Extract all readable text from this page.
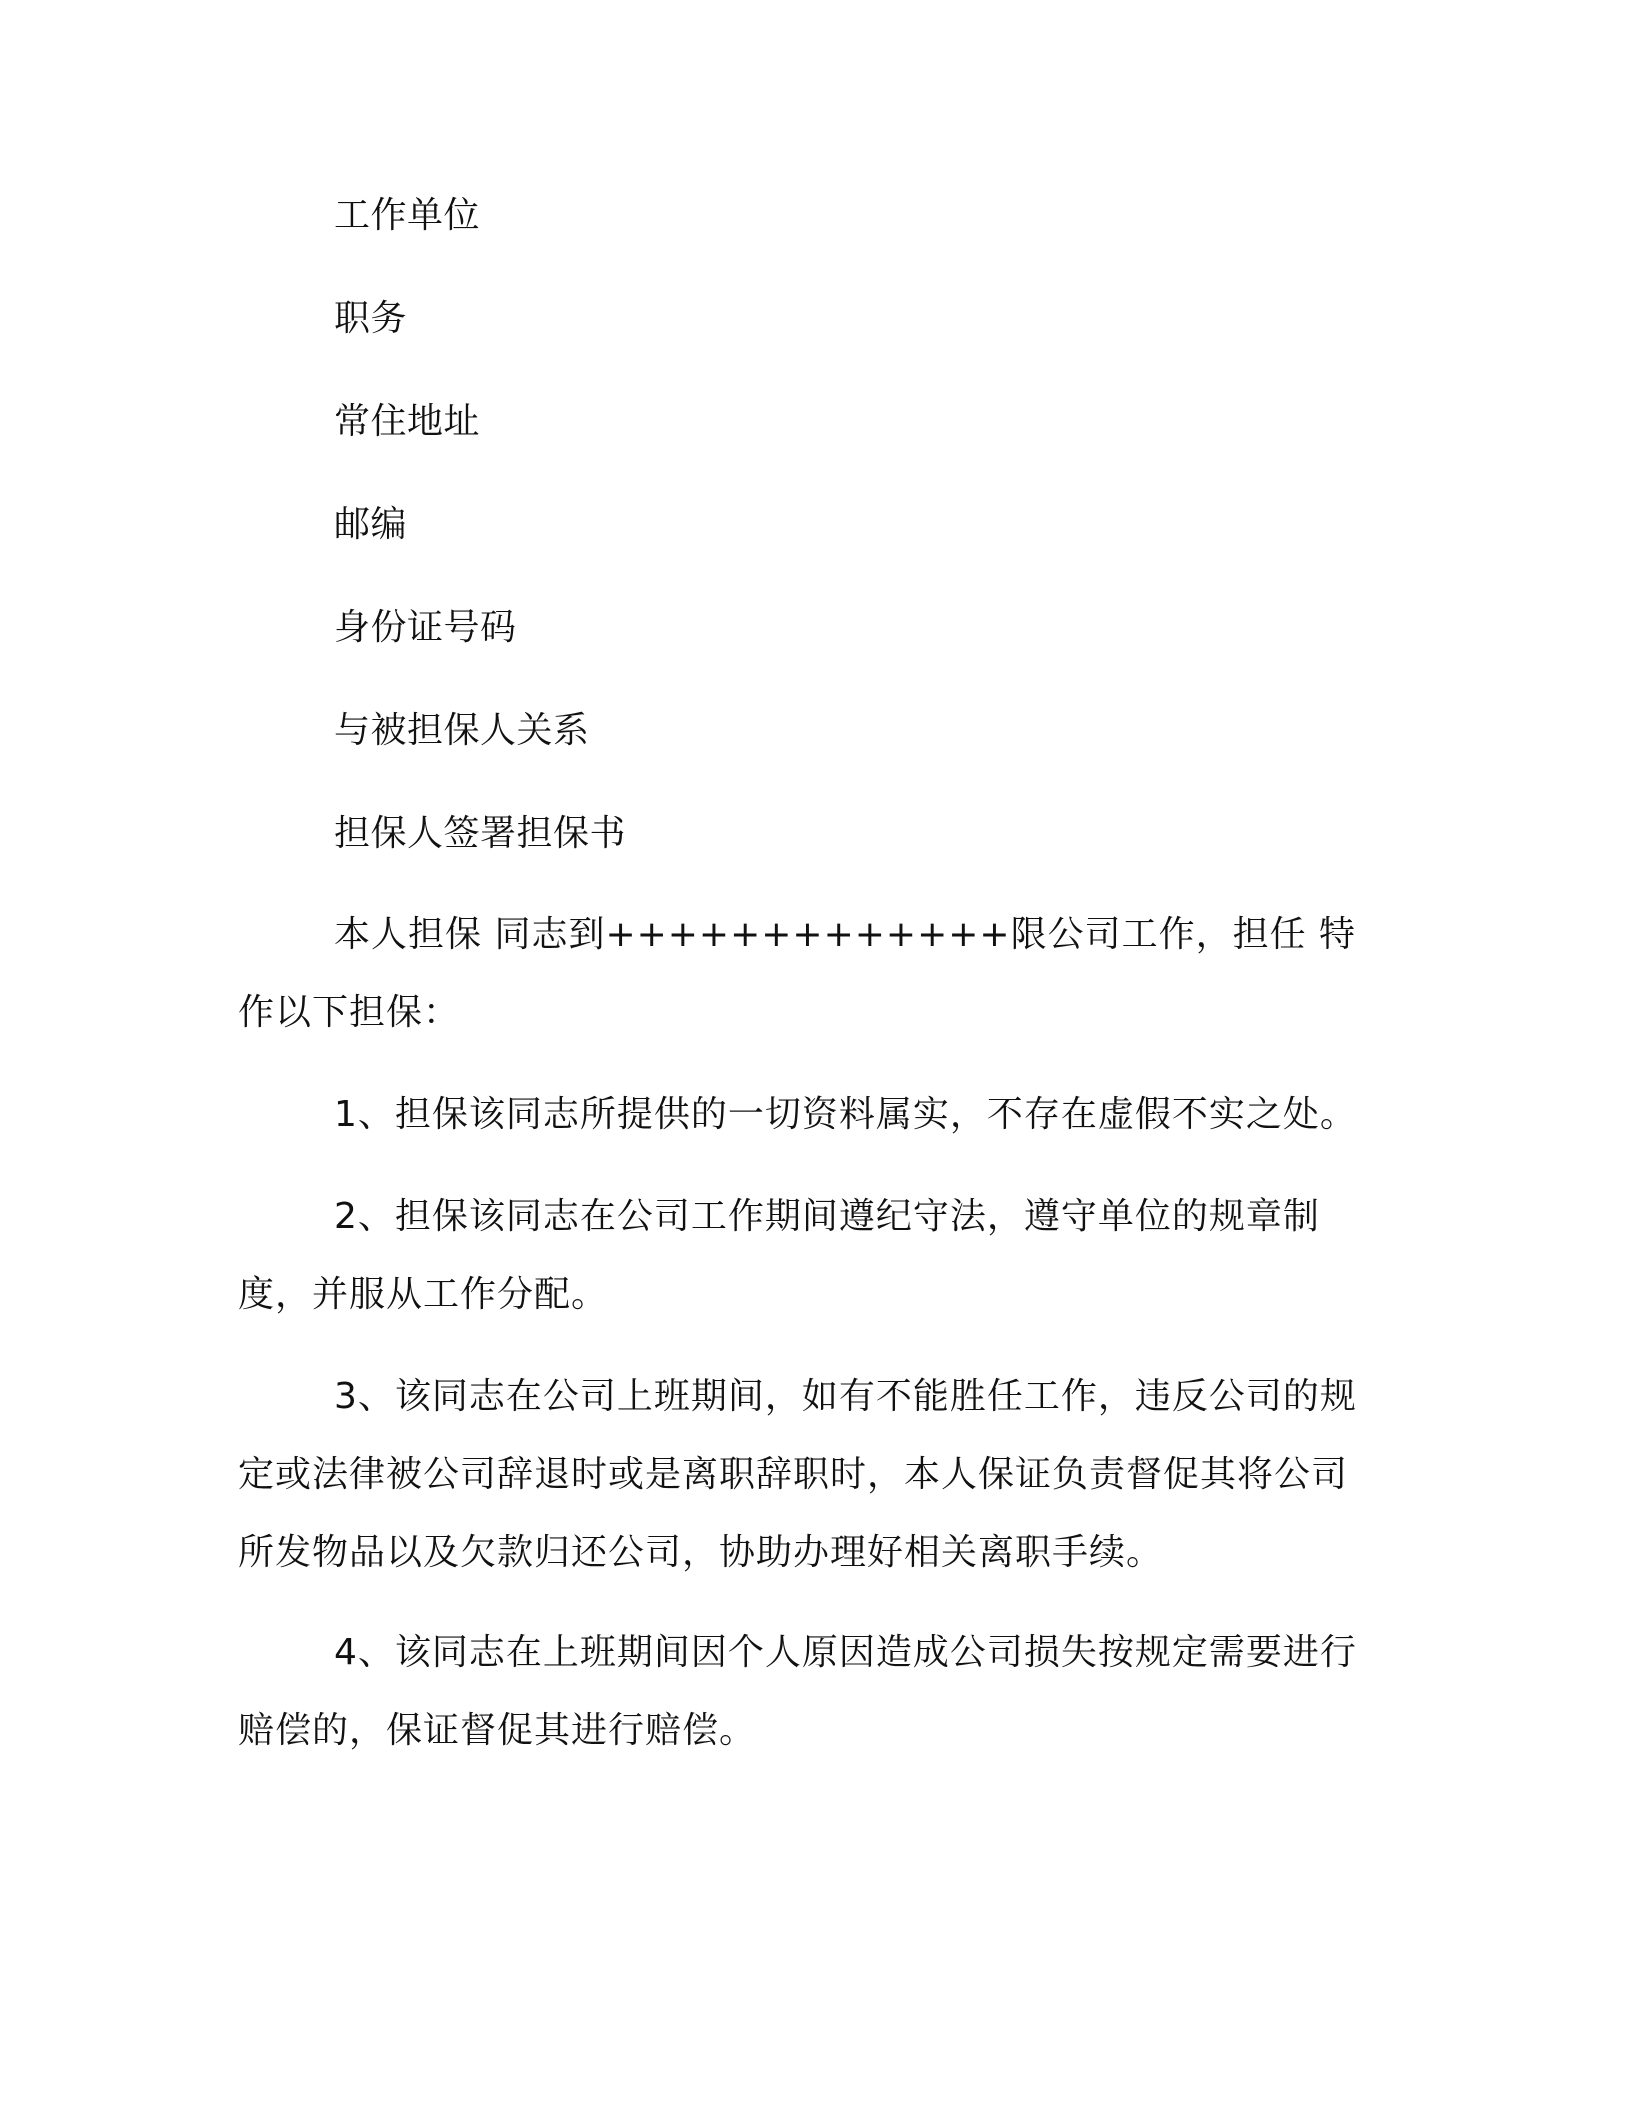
工作单位
职务
常住地址
邮编
身份证号码
与被担保人关系
担保人签署担保书
本人担保 同志到+++++++++++++限公司工作，担任 特作以下担保：
1、担保该同志所提供的一切资料属实，不存在虚假不实之处。
2、担保该同志在公司工作期间遵纪守法，遵守单位的规章制度，并服从工作分配。
3、该同志在公司上班期间，如有不能胜任工作，违反公司的规定或法律被公司辞退时或是离职辞职时，本人保证负责督促其将公司所发物品以及欠款归还公司，协助办理好相关离职手续。
4、该同志在上班期间因个人原因造成公司损失按规定需要进行赔偿的，保证督促其进行赔偿。
